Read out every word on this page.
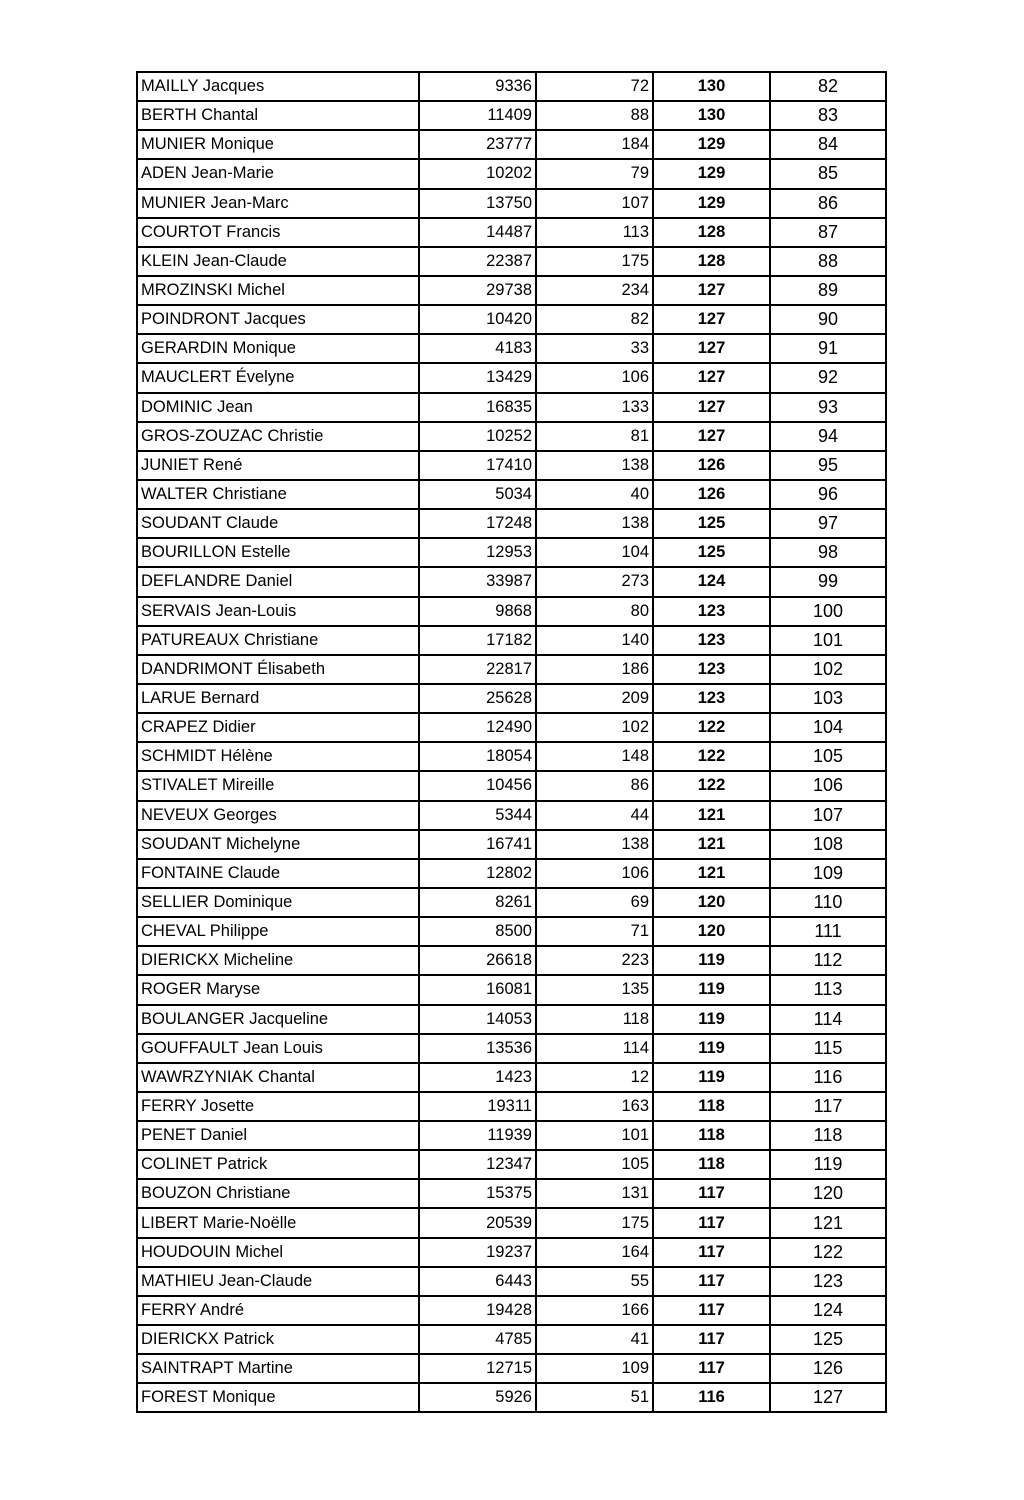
MAILLY Jacques	9336	72	130	82
BERTH Chantal	11409	88	130	83
MUNIER Monique	23777	184	129	84
ADEN Jean-Marie	10202	79	129	85
MUNIER Jean-Marc	13750	107	129	86
COURTOT Francis	14487	113	128	87
KLEIN Jean-Claude	22387	175	128	88
MROZINSKI Michel	29738	234	127	89
POINDRONT Jacques	10420	82	127	90
GERARDIN Monique	4183	33	127	91
MAUCLERT Évelyne	13429	106	127	92
DOMINIC Jean	16835	133	127	93
GROS-ZOUZAC Christie	10252	81	127	94
JUNIET René	17410	138	126	95
WALTER Christiane	5034	40	126	96
SOUDANT Claude	17248	138	125	97
BOURILLON Estelle	12953	104	125	98
DEFLANDRE Daniel	33987	273	124	99
SERVAIS Jean-Louis	9868	80	123	100
PATUREAUX Christiane	17182	140	123	101
DANDRIMONT Élisabeth	22817	186	123	102
LARUE Bernard	25628	209	123	103
CRAPEZ Didier	12490	102	122	104
SCHMIDT Hélène	18054	148	122	105
STIVALET Mireille	10456	86	122	106
NEVEUX Georges	5344	44	121	107
SOUDANT Michelyne	16741	138	121	108
FONTAINE Claude	12802	106	121	109
SELLIER Dominique	8261	69	120	110
CHEVAL Philippe	8500	71	120	111
DIERICKX Micheline	26618	223	119	112
ROGER Maryse	16081	135	119	113
BOULANGER Jacqueline	14053	118	119	114
GOUFFAULT Jean Louis	13536	114	119	115
WAWRZYNIAK Chantal	1423	12	119	116
FERRY Josette	19311	163	118	117
PENET Daniel	11939	101	118	118
COLINET Patrick	12347	105	118	119
BOUZON Christiane	15375	131	117	120
LIBERT Marie-Noëlle	20539	175	117	121
HOUDOUIN Michel	19237	164	117	122
MATHIEU Jean-Claude	6443	55	117	123
FERRY André	19428	166	117	124
DIERICKX Patrick	4785	41	117	125
SAINTRAPT Martine	12715	109	117	126
FOREST Monique	5926	51	116	127
